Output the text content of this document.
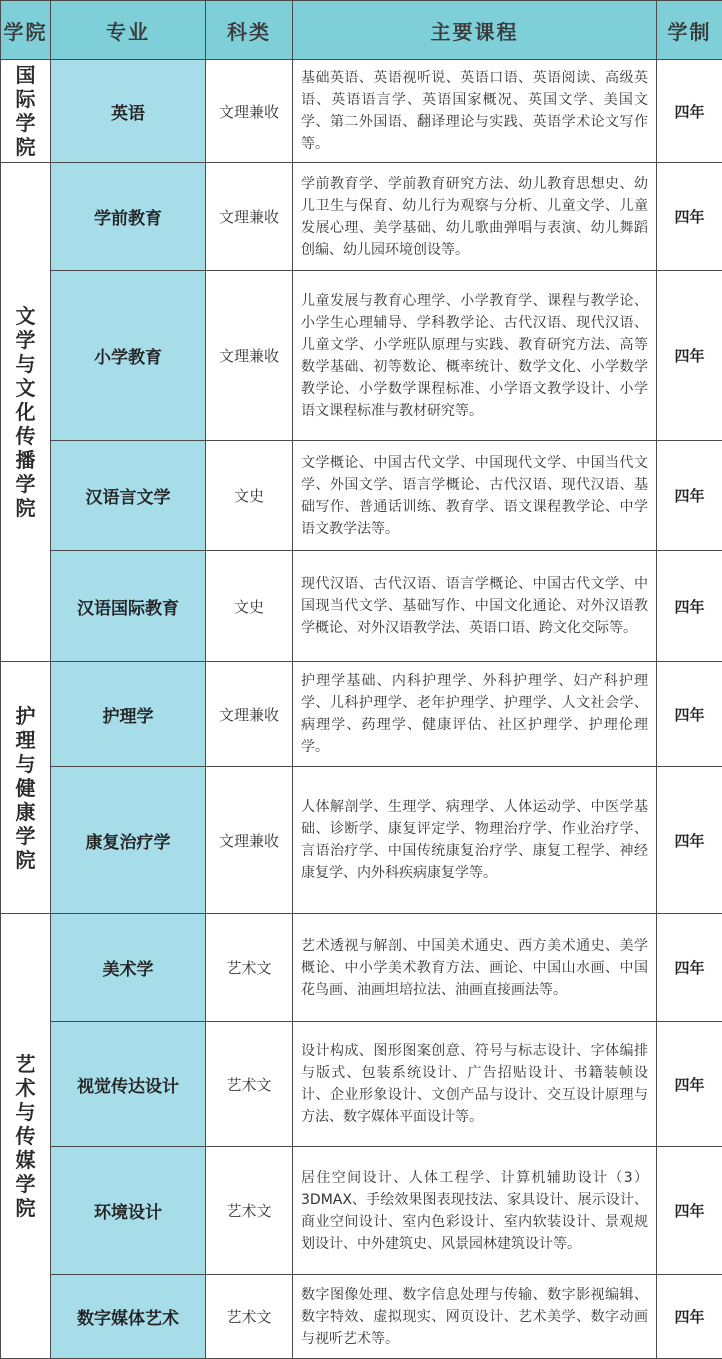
学院	专业	科类	主要课程	学制
国际学院	英语	文理兼收	基础英语、英语视听说、英语口语、英语阅读、高级英语、英语语言学、英语国家概况、英国文学、美国文学、第二外国语、翻译理论与实践、英语学术论文写作等。	四年
文学与文化传播学院	学前教育	文理兼收	学前教育学、学前教育研究方法、幼儿教育思想史、幼儿卫生与保育、幼儿行为观察与分析、儿童文学、儿童发展心理、美学基础、幼儿歌曲弹唱与表演、幼儿舞蹈创编、幼儿园环境创设等。	四年
	小学教育	文理兼收	儿童发展与教育心理学、小学教育学、课程与教学论、小学生心理辅导、学科教学论、古代汉语、现代汉语、儿童文学、小学班队原理与实践、教育研究方法、高等数学基础、初等数论、概率统计、数学文化、小学数学教学论、小学数学课程标准、小学语文教学设计、小学语文课程标准与教材研究等。	四年
	汉语言文学	文史	文学概论、中国古代文学、中国现代文学、中国当代文学、外国文学、语言学概论、古代汉语、现代汉语、基础写作、普通话训练、教育学、语文课程教学论、中学语文教学法等。	四年
	汉语国际教育	文史	现代汉语、古代汉语、语言学概论、中国古代文学、中国现当代文学、基础写作、中国文化通论、对外汉语教学概论、对外汉语教学法、英语口语、跨文化交际等。	四年
护理与健康学院	护理学	文理兼收	护理学基础、内科护理学、外科护理学、妇产科护理学、儿科护理学、老年护理学、护理学、人文社会学、病理学、药理学、健康评估、社区护理学、护理伦理学。	四年
	康复治疗学	文理兼收	人体解剖学、生理学、病理学、人体运动学、中医学基础、诊断学、康复评定学、物理治疗学、作业治疗学、言语治疗学、中国传统康复治疗学、康复工程学、神经康复学、内外科疾病康复学等。	四年
艺术与传媒学院	美术学	艺术文	艺术透视与解剖、中国美术通史、西方美术通史、美学概论、中小学美术教育方法、画论、中国山水画、中国花鸟画、油画坦培拉法、油画直接画法等。	四年
	视觉传达设计	艺术文	设计构成、图形图案创意、符号与标志设计、字体编排与版式、包装系统设计、广告招贴设计、书籍装帧设计、企业形象设计、文创产品与设计、交互设计原理与方法、数字媒体平面设计等。	四年
	环境设计	艺术文	居住空间设计、人体工程学、计算机辅助设计（3）3DMAX、手绘效果图表现技法、家具设计、展示设计、商业空间设计、室内色彩设计、室内软装设计、景观规划设计、中外建筑史、风景园林建筑设计等。	四年
	数字媒体艺术	艺术文	数字图像处理、数字信息处理与传输、数字影视编辑、数字特效、虚拟现实、网页设计、艺术美学、数字动画与视听艺术等。	四年
